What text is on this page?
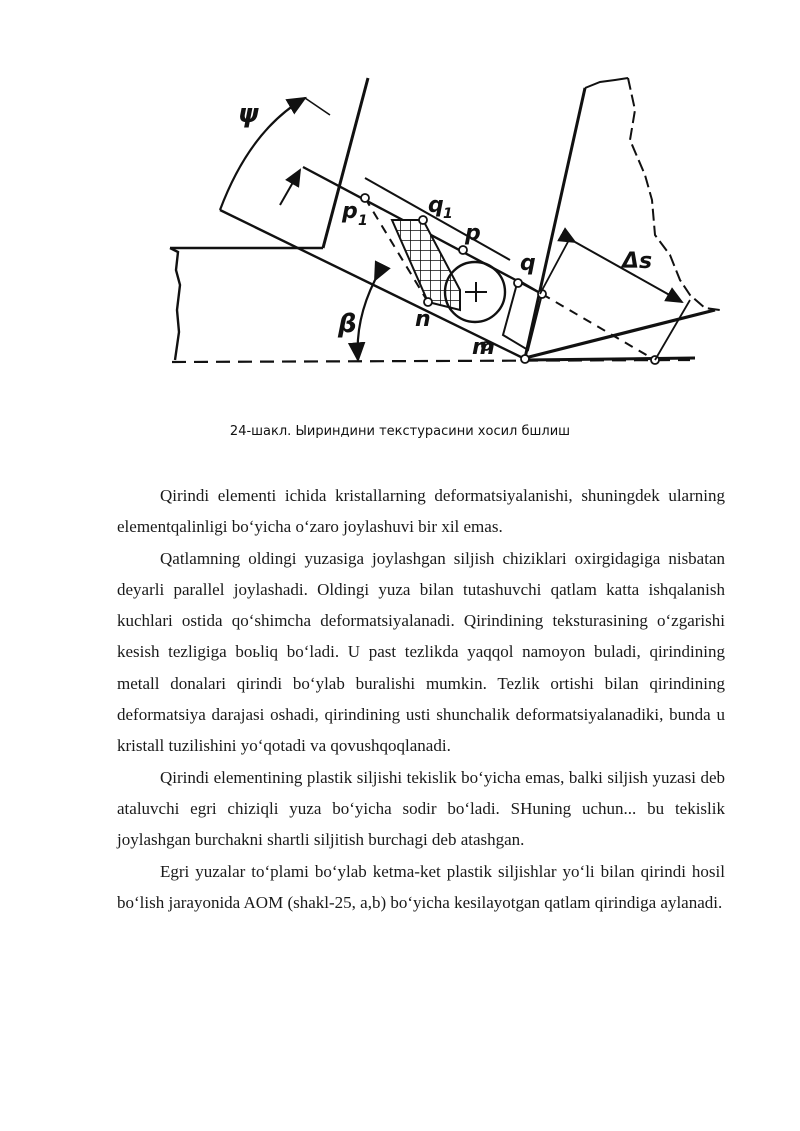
ψ
β
p 1
q 1
p
q
n
m
Δs
24-шакл. Ыириндини текстурасини хосил бшлиш

Qirindi elementi ichida kristallarning deformatsiyalanishi, shuningdek ularning elementqalinligi bo‘yicha o‘zaro joylashuvi bir xil emas.

Qatlamning oldingi yuzasiga joylashgan siljish chiziklari oxirgidagiga nisbatan deyarli parallel joylashadi. Oldingi yuza bilan tutashuvchi qatlam katta ishqalanish kuchlari ostida qo‘shimcha deformatsiyalanadi. Qirindining teksturasining o‘zgarishi kesish tezligiga boьliq bo‘ladi. U past tezlikda yaqqol namoyon buladi, qirindining metall donalari qirindi bo‘ylab buralishi mumkin. Tezlik ortishi bilan qirindining deformatsiya darajasi oshadi, qirindining usti shunchalik deformatsiyalanadiki, bunda u kristall tuzilishini yo‘qotadi va qovushqoqlanadi.

Qirindi elementining plastik siljishi tekislik bo‘yicha emas, balki siljish yuzasi deb ataluvchi egri chiziqli yuza bo‘yicha sodir bo‘ladi. SHuning uchun... bu tekislik joylashgan burchakni shartli siljitish burchagi deb atashgan.

Egri yuzalar to‘plami bo‘ylab ketma-ket plastik siljishlar yo‘li bilan qirindi hosil bo‘lish jarayonida AOM (shakl-25, a,b) bo‘yicha kesilayotgan qatlam qirindiga aylanadi.
